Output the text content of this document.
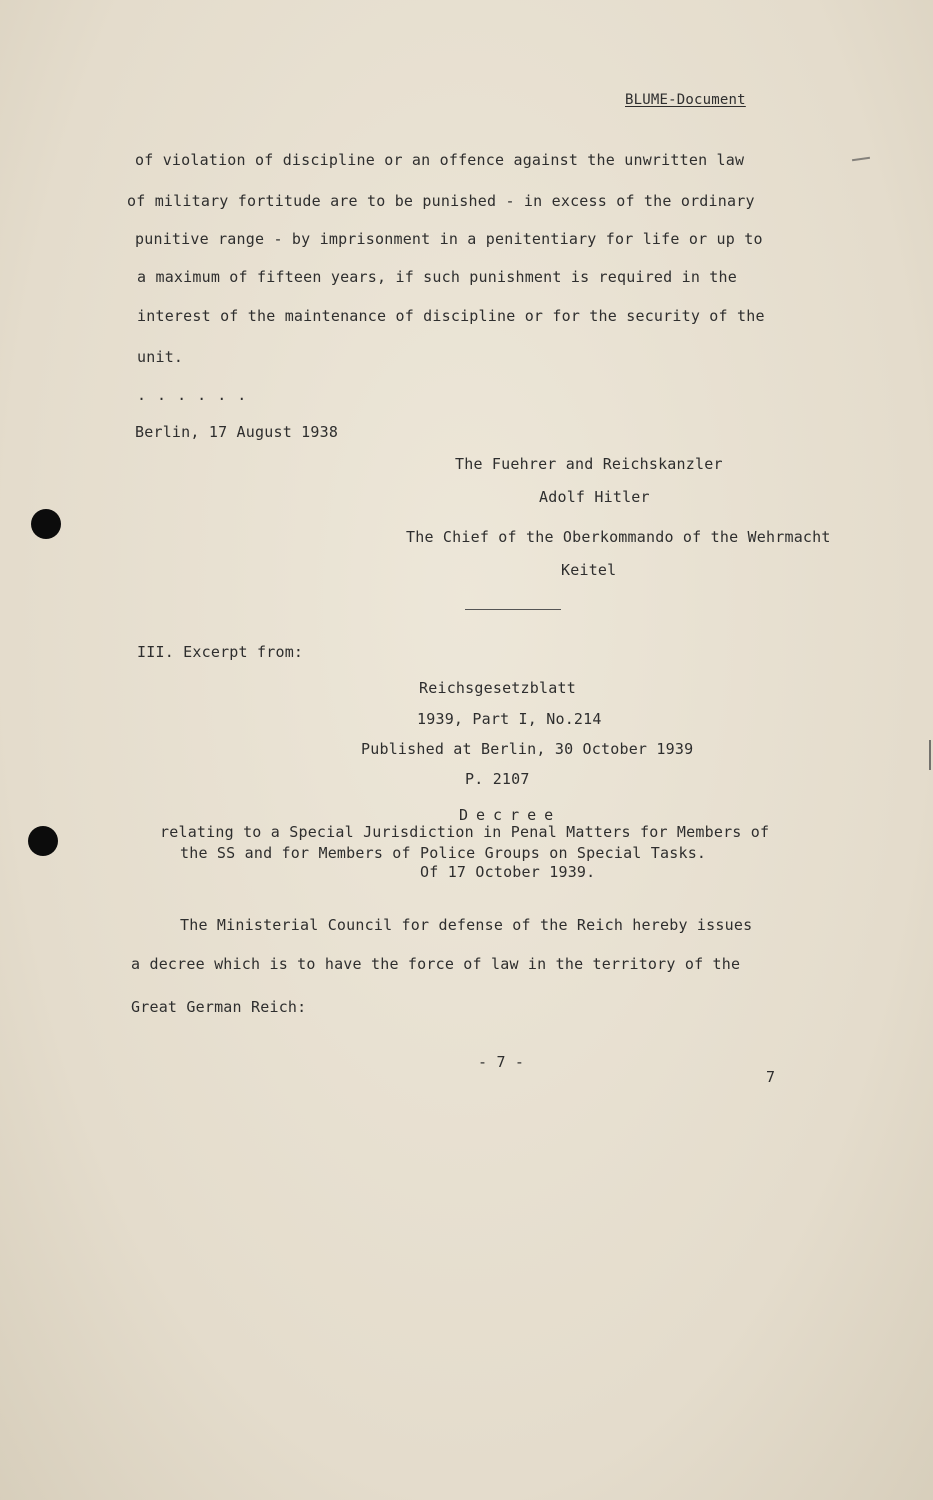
BLUME-Document
of violation of discipline or an offence against the unwritten law
of military fortitude are to be punished - in excess of the ordinary
punitive range - by imprisonment in a penitentiary for life or up to
a maximum of fifteen years, if such punishment is required in the
interest of the maintenance of discipline or for the security of the
unit.
. . . . . .
Berlin, 17 August 1938
The Fuehrer and Reichskanzler
Adolf Hitler
The Chief of the Oberkommando of the Wehrmacht
Keitel
III. Excerpt from:
Reichsgesetzblatt
1939, Part I, No.214
Published at Berlin, 30 October 1939
P. 2107
Decree
relating to a Special Jurisdiction in Penal Matters for Members of
the SS and for Members of Police Groups on Special Tasks.
Of 17 October 1939.
The Ministerial Council for defense of the Reich hereby issues
a decree which is to have the force of law in the territory of the
Great German Reich:
- 7 -
7
